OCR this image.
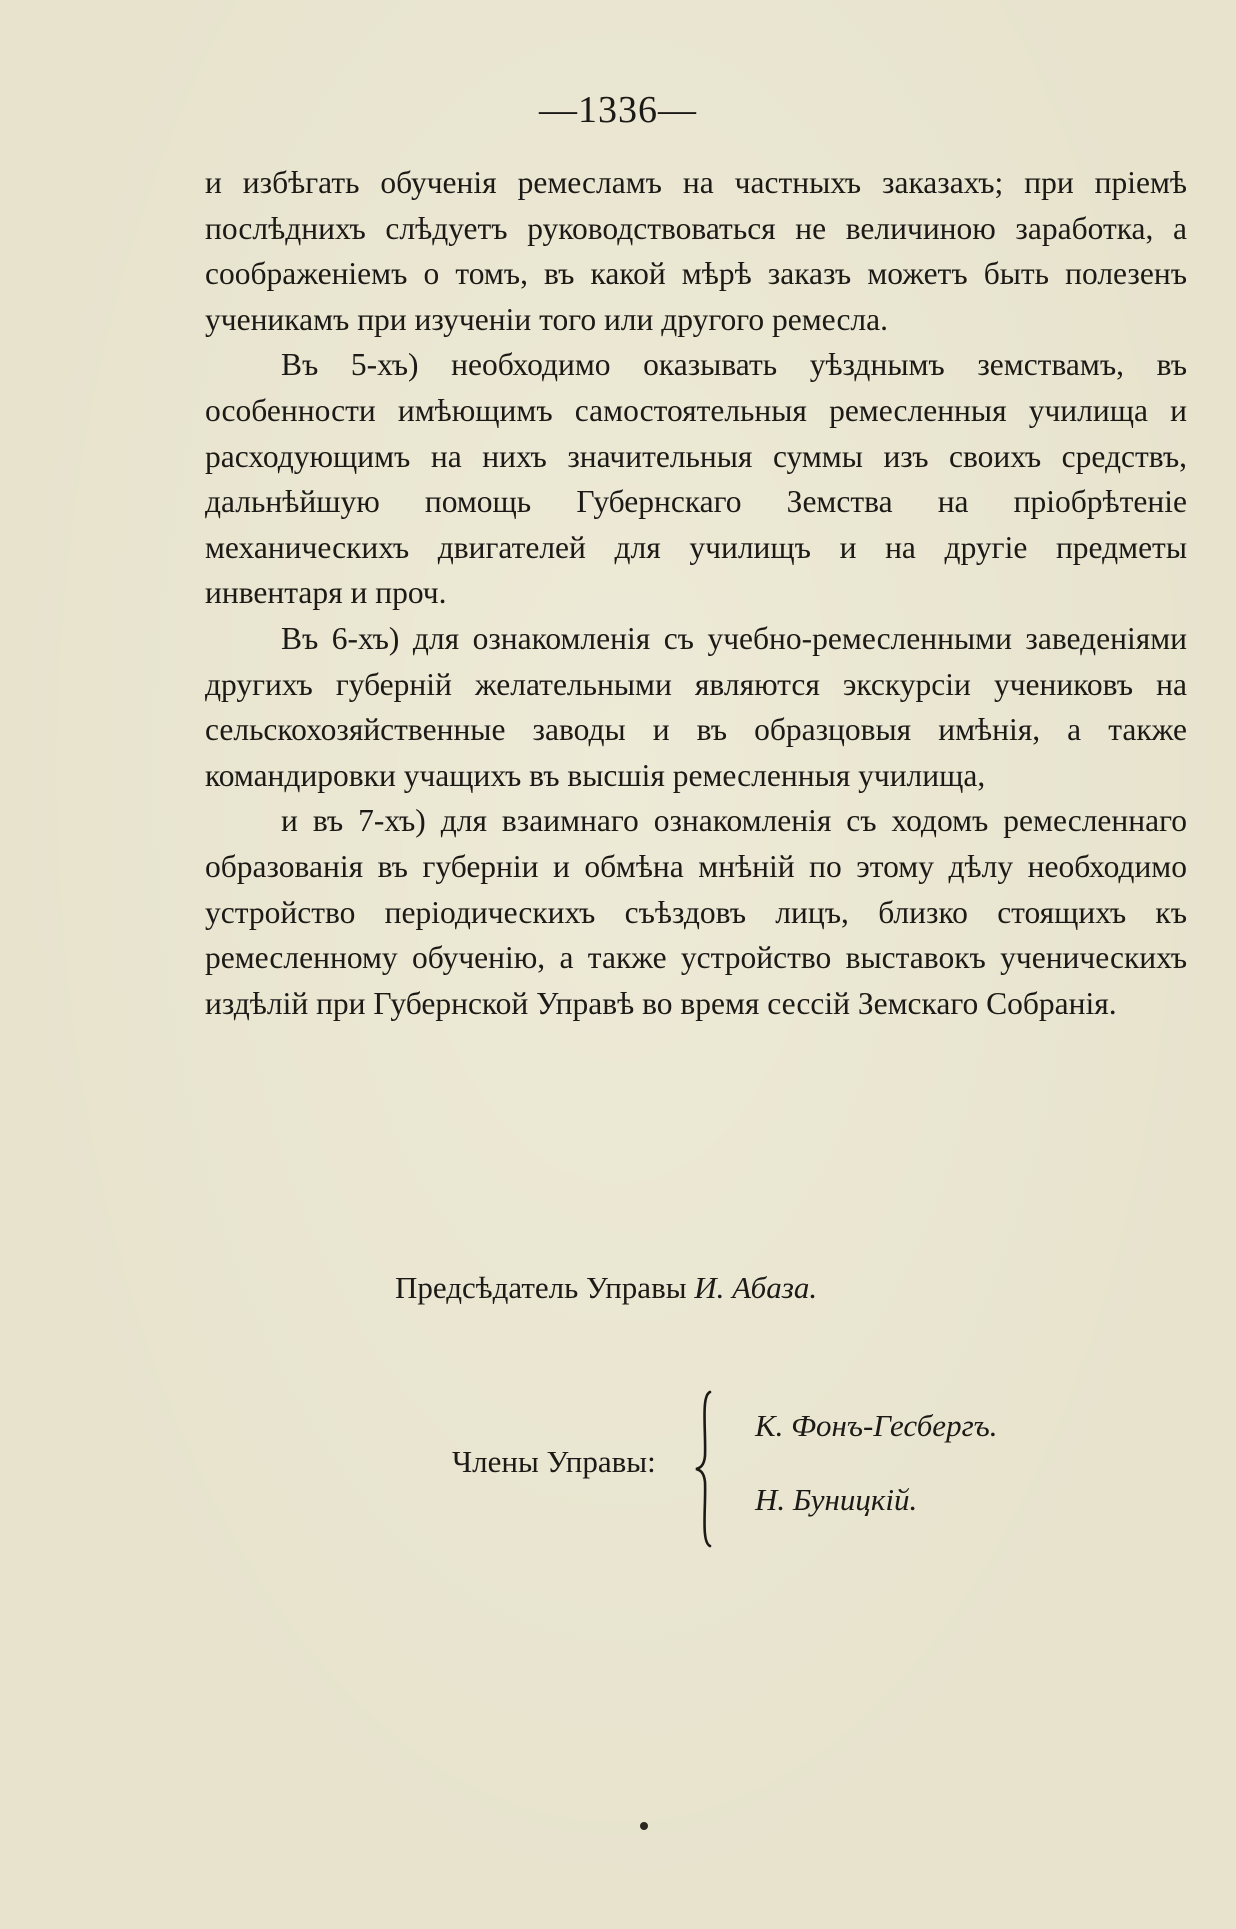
—1336—

и избѣгать обученія ремесламъ на частныхъ заказахъ; при пріемѣ послѣднихъ слѣдуетъ руководствоваться не величиною заработка, а соображеніемъ о томъ, въ какой мѣрѣ заказъ можетъ быть полезенъ ученикамъ при изученіи того или другого ремесла.

Въ 5-хъ) необходимо оказывать уѣзднымъ земствамъ, въ особенности имѣющимъ самостоятельныя ремесленныя училища и расходующимъ на нихъ значительныя суммы изъ своихъ средствъ, дальнѣйшую помощь Губернскаго Земства на пріобрѣтеніе механическихъ двигателей для училищъ и на другіе предметы инвентаря и проч.

Въ 6-хъ) для ознакомленія съ учебно-ремесленными заведеніями другихъ губерній желательными являются экскурсіи учениковъ на сельскохозяйственные заводы и въ образцовыя имѣнія, а также командировки учащихъ въ высшія ремесленныя училища,

и въ 7-хъ) для взаимнаго ознакомленія съ ходомъ ремесленнаго образованія въ губерніи и обмѣна мнѣній по этому дѣлу необходимо устройство періодическихъ съѣздовъ лицъ, близко стоящихъ къ ремесленному обученію, а также устройство выставокъ ученическихъ издѣлій при Губернской Управѣ во время сессій Земскаго Собранія.

Предсѣдатель Управы И. Абаза.
Члены Управы:
К. Фонъ-Гесбергъ.
Н. Буницкій.
